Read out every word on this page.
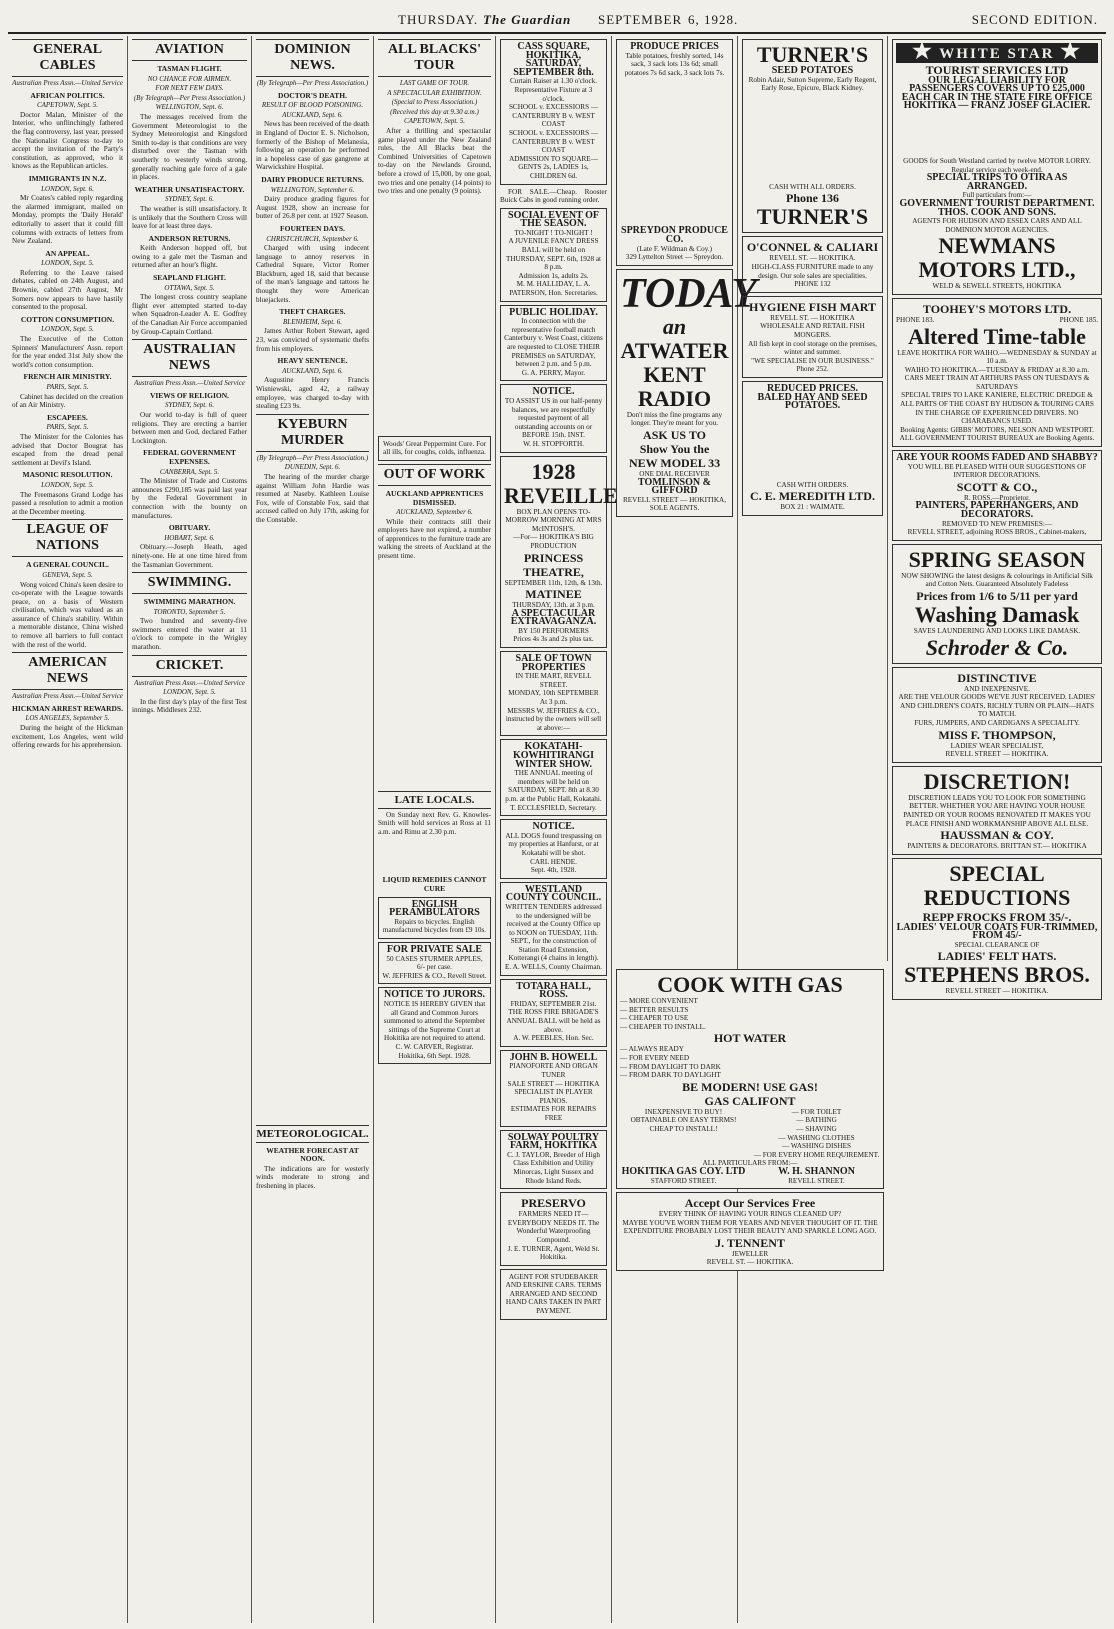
THURSDAY. The Guardian SEPTEMBER 6, 1928.	SECOND EDITION.
GENERAL CABLES
Australian Press Assn.—United Service
AFRICAN POLITICS.
CAPETOWN, Sept. 5.

Doctor Malan, Minister of the Interior, who unflinchingly fathered the flag controversy, last year, pressed the Nationalist Congress to-day to accept the invitation of the Party's constitution, as approved, who it knows as the Republican articles.

IMMIGRANTS IN N.Z.
LONDON, Sept. 6.

Mr Coates's cabled reply regarding the alarmed immigrant, mailed on Monday, prompts the 'Daily Herald' editorially to assert that it could fill columns with extracts of letters from New Zealand.

AN APPEAL.
LONDON, Sept. 5.

Referring to the Leave raised debates, cabled on 24th August, and Brownie, cabled 27th August, Mr Somers now appears to have hastily consented to the proposal.

COTTON CONSUMPTION.
LONDON, Sept. 5.

The Executive of the Cotton Spinners' Manufacturers' Assn. report for the year ended 31st July show the world's cotton consumption.

FRENCH AIR MINISTRY.
PARIS, Sept. 5.

Cabinet has decided on the creation of an Air Ministry.

ESCAPEES.
PARIS, Sept. 5.

The Minister for the Colonies has advised that Doctor Bougrat has escaped from the dread penal settlement at Devil's Island.

MASONIC RESOLUTION.
LONDON, Sept. 5.

The Freemasons Grand Lodge has passed a resolution to admit a motion at the December meeting.

LEAGUE OF NATIONS
A GENERAL COUNCIL.
GENEVA, Sept. 5.

Wong voiced China's keen desire to co-operate with the League towards peace, on a basis of Western civilisation, which was valued as an assurance of China's stability. Within a memorable distance, China wished to remove all barriers to full contact with the rest of the world.

AMERICAN NEWS
Australian Press Assn.—United Service
HICKMAN ARREST REWARDS.
LOS ANGELES, September 5.

During the height of the Hickman excitement, Los Angeles, went wild offering rewards for his apprehension.

AVIATION
TASMAN FLIGHT.
NO CHANCE FOR AIRMEN.
FOR NEXT FEW DAYS.
(By Telegraph—Per Press Association.)
WELLINGTON, Sept. 6.

The messages received from the Government Meteorologist to the Sydney Meteorologist and Kingsford Smith to-day is that conditions are very disturbed over the Tasman with southerly to westerly winds strong, generally reaching gale force of a gale in places.

WEATHER UNSATISFACTORY.
SYDNEY, Sept. 6.

The weather is still unsatisfactory. It is unlikely that the Southern Cross will leave for at least three days.

ANDERSON RETURNS.

Keith Anderson hopped off, but owing to a gale met the Tasman and returned after an hour's flight.

SEAPLAND FLIGHT.
OTTAWA, Sept. 5.

The longest cross country seaplane flight ever attempted started to-day when Squadron-Leader A. E. Godfrey of the Canadian Air Force accompanied by Group-Captain Cortland.

AUSTRALIAN NEWS
Australian Press Assn.—United Service
VIEWS OF RELIGION.
SYDNEY, Sept. 6.

Our world to-day is full of queer religions. They are erecting a barrier between men and God, declared Father Lockington.

FEDERAL GOVERNMENT EXPENSES.
CANBERRA, Sept. 5.

The Minister of Trade and Customs announces £290,185 was paid last year by the Federal Government in connection with the bounty on manufactures.

OBITUARY.
HOBART, Sept. 6.

Obituary.—Joseph Heath, aged ninety-one. He at one time hired from the Tasmanian Government.

SWIMMING.
SWIMMING MARATHON.
TORONTO, September 5.

Two hundred and seventy-five swimmers entered the water at 11 o'clock to compete in the Wrigley marathon.

CRICKET.
Australian Press Assn.—United Service
LONDON, Sept. 5.

In the first day's play of the first Test innings. Middlesex 232.

DOMINION NEWS.
(By Telegraph—Per Press Association.)
DOCTOR'S DEATH.
RESULT OF BLOOD POISONING.
AUCKLAND, Sept. 6.

News has been received of the death in England of Doctor E. S. Nicholson, formerly of the Bishop of Melanesia, following an operation he performed in a hopeless case of gas gangrene at Warwickshire Hospital.

DAIRY PRODUCE RETURNS.
WELLINGTON, September 6.

Dairy produce grading figures for August 1928, show an increase for butter of 26.8 per cent. at 1927 Season.

FOURTEEN DAYS.
CHRISTCHURCH, September 6.

Charged with using indecent language to annoy reserves in Cathedral Square, Victor Romer Blackburn, aged 18, said that because of the man's language and tattoos he thought they were American bluejackets.

THEFT CHARGES.
BLENHEIM, Sept. 6.

James Arthur Robert Stewart, aged 23, was convicted of systematic thefts from his employers.

HEAVY SENTENCE.
AUCKLAND, Sept. 6.

Augustine Henry Francis Wisniewski, aged 42, a railway employee, was charged to-day with stealing £23 9s.

KYEBURN MURDER
(By Telegraph—Per Press Association.)
DUNEDIN, Sept. 6.

The hearing of the murder charge against William John Hardie was resumed at Naseby. Kathleen Louise Fox, wife of Constable Fox, said that accused called on July 17th, asking for the Constable.

METEOROLOGICAL.
WEATHER FORECAST AT NOON.

The indications are for westerly winds moderate to strong and freshening in places.

ALL BLACKS' TOUR
LAST GAME OF TOUR.
A SPECTACULAR EXHIBITION.
(Special to Press Association.)
(Received this day at 9.30 a.m.)
CAPETOWN, Sept. 5.

After a thrilling and spectacular game played under the New Zealand rules, the All Blacks beat the Combined Universities of Capetown to-day on the Newlands Ground, before a crowd of 15,000, by one goal, two tries and one penalty (14 points) to two tries and one penalty (9 points).

Woods' Great Peppermint Cure. For all ills, for coughs, colds, influenza.
OUT OF WORK
AUCKLAND APPRENTICES DISMISSED.
AUCKLAND, September 6.

While their contracts still their employers have not expired, a number of apprentices to the furniture trade are walking the streets of Auckland at the present time.

LATE LOCALS.

On Sunday next Rev. G. Knowles-Smith will hold services at Ross at 11 a.m. and Rimu at 2.30 p.m.

LIQUID REMEDIES CANNOT CURE
ENGLISH PERAMBULATORS
Repairs to bicycles. English manufactured bicycles from £9 10s.
FOR PRIVATE SALE
50 CASES STURMER APPLES, 6/- per case.
W. JEFFRIES & CO., Revell Street.
NOTICE TO JURORS.
NOTICE IS HEREBY GIVEN that all Grand and Common Jurors summoned to attend the September sittings of the Supreme Court at Hokitika are not required to attend.
C. W. CARVER, Registrar.
Hokitika, 6th Sept. 1928.
CASS SQUARE, HOKITIKA, SATURDAY, SEPTEMBER 8th.
Curtain Raiser at 1.30 o'clock. Representative Fixture at 3 o'clock.
SCHOOL v. EXCESSIORS — CANTERBURY B v. WEST COAST
SCHOOL v. EXCESSIORS — CANTERBURY B v. WEST COAST
ADMISSION TO SQUARE—GENTS 2s, LADIES 1s, CHILDREN 6d.

FOR SALE.—Cheap. Rooster Buick Cabs in good running order.

SOCIAL EVENT OF THE SEASON.
TO-NIGHT ! TO-NIGHT !
A JUVENILE FANCY DRESS BALL will be held on THURSDAY, SEPT. 6th, 1928 at 8 p.m.
Admission 1s, adults 2s.
M. M. HALLIDAY, L. A. PATERSON, Hon. Secretaries.
PUBLIC HOLIDAY.
In connection with the representative football match Canterbury v. West Coast, citizens are requested to CLOSE THEIR PREMISES on SATURDAY, between 2 p.m. and 5 p.m.
G. A. PERRY, Mayor.
NOTICE.
TO ASSIST US in our half-penny balances, we are respectfully requested payment of all outstanding accounts on or BEFORE 15th. INST.
W. H. STOPFORTH.
1928 REVEILLE
BOX PLAN OPENS TO-MORROW MORNING AT MRS McINTOSH'S.
—For— HOKITIKA'S BIG PRODUCTION
PRINCESS THEATRE,
SEPTEMBER 11th, 12th, & 13th.
MATINEE
THURSDAY, 13th. at 3 p.m.
A SPECTACULAR EXTRAVAGANZA.
BY 150 PERFORMERS
Prices 4s 3s and 2s plus tax.
SALE OF TOWN PROPERTIES
IN THE MART, REVELL STREET.
MONDAY, 10th SEPTEMBER At 3 p.m.
MESSRS W. JEFFRIES & CO., instructed by the owners will sell at above:—
KOKATAHI-KOWHITIRANGI WINTER SHOW.
THE ANNUAL meeting of members will be held on SATURDAY, SEPT. 8th at 8.30 p.m. at the Public Hall, Kokatahi.
T. ECCLESFIELD, Secretary.
NOTICE.
ALL DOGS found trespassing on my properties at Hanfurst, or at Kokatahi will be shot.
CARL HENDE.
Sept. 4th, 1928.
WESTLAND COUNTY COUNCIL.
WRITTEN TENDERS addressed to the undersigned will be received at the County Office up to NOON on TUESDAY, 11th. SEPT., for the construction of Station Road Extension, Kotterangi (4 chains in length).
E. A. WELLS, County Chairman.
TOTARA HALL, ROSS.
FRIDAY, SEPTEMBER 21st.
THE ROSS FIRE BRIGADE'S ANNUAL BALL will be held as above.
A. W. PEEBLES, Hon. Sec.
JOHN B. HOWELL
PIANOFORTE AND ORGAN TUNER
SALE STREET — HOKITIKA
SPECIALIST IN PLAYER PIANOS.
ESTIMATES FOR REPAIRS FREE
SOLWAY POULTRY FARM, HOKITIKA
C. J. TAYLOR, Breeder of High Class Exhibition and Utility Minorcas, Light Sussex and Rhode Island Reds.
PRESERVO
FARMERS NEED IT—EVERYBODY NEEDS IT. The Wonderful Waterproofing Compound.
J. E. TURNER, Agent, Weld St. Hokitika.
AGENT FOR STUDEBAKER AND ERSKINE CARS. TERMS ARRANGED AND SECOND HAND CARS TAKEN IN PART PAYMENT.
PRODUCE PRICES
Table potatoes, freshly sorted, 14s sack, 3 sack lots 13s 6d; small potatoes 7s 6d sack, 3 sack lots 7s.
SPREYDON PRODUCE CO.
(Late F. Wildman & Coy.)
329 Lyttelton Street — Spreydon.
TODAY
an
ATWATER KENT
RADIO
Don't miss the fine programs any longer. They're meant for you.
ASK US TO
Show You the
NEW MODEL 33
ONE DIAL RECEIVER
TOMLINSON & GIFFORD
REVELL STREET — HOKITIKA,
SOLE AGENTS.
COOK WITH GAS
— MORE CONVENIENT
— BETTER RESULTS
— CHEAPER TO USE
— CHEAPER TO INSTALL.
HOT WATER
— ALWAYS READY
— FOR EVERY NEED
— FROM DAYLIGHT TO DARK
— FROM DARK TO DAYLIGHT
BE MODERN! USE GAS!
GAS CALIFONT
INEXPENSIVE TO BUY!
OBTAINABLE ON EASY TERMS!
CHEAP TO INSTALL!
— FOR TOILET
— BATHING
— SHAVING
— WASHING CLOTHES
— WASHING DISHES
— FOR EVERY HOME REQUIREMENT.
ALL PARTICULARS FROM:—
HOKITIKA GAS COY. LTD
STAFFORD STREET.
W. H. SHANNON
REVELL STREET.
Accept Our Services Free
EVERY THINK OF HAVING YOUR RINGS CLEANED UP?
MAYBE YOU'VE WORN THEM FOR YEARS AND NEVER THOUGHT OF IT. THE EXPENDITURE PROBABLY LOST THEIR BEAUTY AND SPARKLE LONG AGO.
J. TENNENT
JEWELLER
REVELL ST. — HOKITIKA.
TURNER'S
SEED POTATOES
Robin Adair, Sutton Supreme, Early Regent, Early Rose, Epicure, Black Kidney.
CASH WITH ALL ORDERS.
Phone 136
TURNER'S
O'CONNEL & CALIARI
REVELL ST. — HOKITIKA.
HIGH-CLASS FURNITURE made to any design. Our sole sales are specialities.
PHONE 132
HYGIENE FISH MART
REVELL ST. — HOKITIKA
WHOLESALE AND RETAIL FISH MONGERS.
All fish kept in cool storage on the premises, winter and summer.
"WE SPECIALISE IN OUR BUSINESS."
Phone 252.
REDUCED PRICES.
BALED HAY AND SEED POTATOES.
CASH WITH ORDERS.
C. E. MEREDITH LTD.
BOX 21 : WAIMATE.
★ WHITE STAR ★
TOURIST SERVICES LTD
OUR LEGAL LIABILITY FOR PASSENGERS COVERS UP TO £25,000 EACH CAR IN THE STATE FIRE OFFICE
HOKITIKA — FRANZ JOSEF GLACIER.
GOODS for South Westland carried by twelve MOTOR LORRY. Regular service each week-end.
SPECIAL TRIPS TO OTIRA AS ARRANGED.
Full particulars from:—
GOVERNMENT TOURIST DEPARTMENT.
THOS. COOK AND SONS.
AGENTS FOR HUDSON AND ESSEX CARS AND ALL DOMINION MOTOR AGENCIES.
NEWMANS MOTORS LTD.,
WELD & SEWELL STREETS, HOKITIKA
TOOHEY'S MOTORS LTD.
PHONE 183.	PHONE 185.
Altered Time-table
LEAVE HOKITIKA FOR WAIHO.—WEDNESDAY & SUNDAY at 10 a.m.
WAIHO TO HOKITIKA.—TUESDAY & FRIDAY at 8.30 a.m.
CARS MEET TRAIN AT ARTHURS PASS ON TUESDAYS & SATURDAYS
SPECIAL TRIPS TO LAKE KANIERE, ELECTRIC DREDGE & ALL PARTS OF THE COAST BY HUDSON & TOURING CARS IN THE CHARGE OF EXPERIENCED DRIVERS. NO CHARABANCS USED.
Booking Agents: GIBBS' MOTORS, NELSON AND WESTPORT. ALL GOVERNMENT TOURIST BUREAUX are Booking Agents.
ARE YOUR ROOMS FADED AND SHABBY?
YOU WILL BE PLEASED WITH OUR SUGGESTIONS OF INTERIOR DECORATIONS.
SCOTT & CO.,
R. ROSS.—Proprietor.
PAINTERS, PAPERHANGERS, AND DECORATORS.
REMOVED TO NEW PREMISES:—
REVELL STREET, adjoining ROSS BROS., Cabinet-makers,
SPRING SEASON
NOW SHOWING the latest designs & colourings in Artificial Silk and Cotton Nets. Guaranteed Absolutely Fadeless
Prices from 1/6 to 5/11 per yard
Washing Damask
SAVES LAUNDERING AND LOOKS LIKE DAMASK.
Schroder & Co.
DISTINCTIVE
AND INEXPENSIVE.
ARE THE VELOUR GOODS WE'VE JUST RECEIVED. LADIES' AND CHILDREN'S COATS, RICHLY TURN OR PLAIN—HATS TO MATCH.
FURS, JUMPERS, AND CARDIGANS A SPECIALITY.
MISS F. THOMPSON,
LADIES' WEAR SPECIALIST,
REVELL STREET — HOKITIKA.
DISCRETION!
DISCRETION LEADS YOU TO LOOK FOR SOMETHING BETTER. WHETHER YOU ARE HAVING YOUR HOUSE PAINTED OR YOUR ROOMS RENOVATED IT MAKES YOU PLACE FINISH AND WORKMANSHIP ABOVE ALL ELSE.
HAUSSMAN & COY.
PAINTERS & DECORATORS. BRITTAN ST.— HOKITIKA
SPECIAL REDUCTIONS
REPP FROCKS FROM 35/-.
LADIES' VELOUR COATS FUR-TRIMMED, FROM 45/-
SPECIAL CLEARANCE OF
LADIES' FELT HATS.
STEPHENS BROS.
REVELL STREET — HOKITIKA.
